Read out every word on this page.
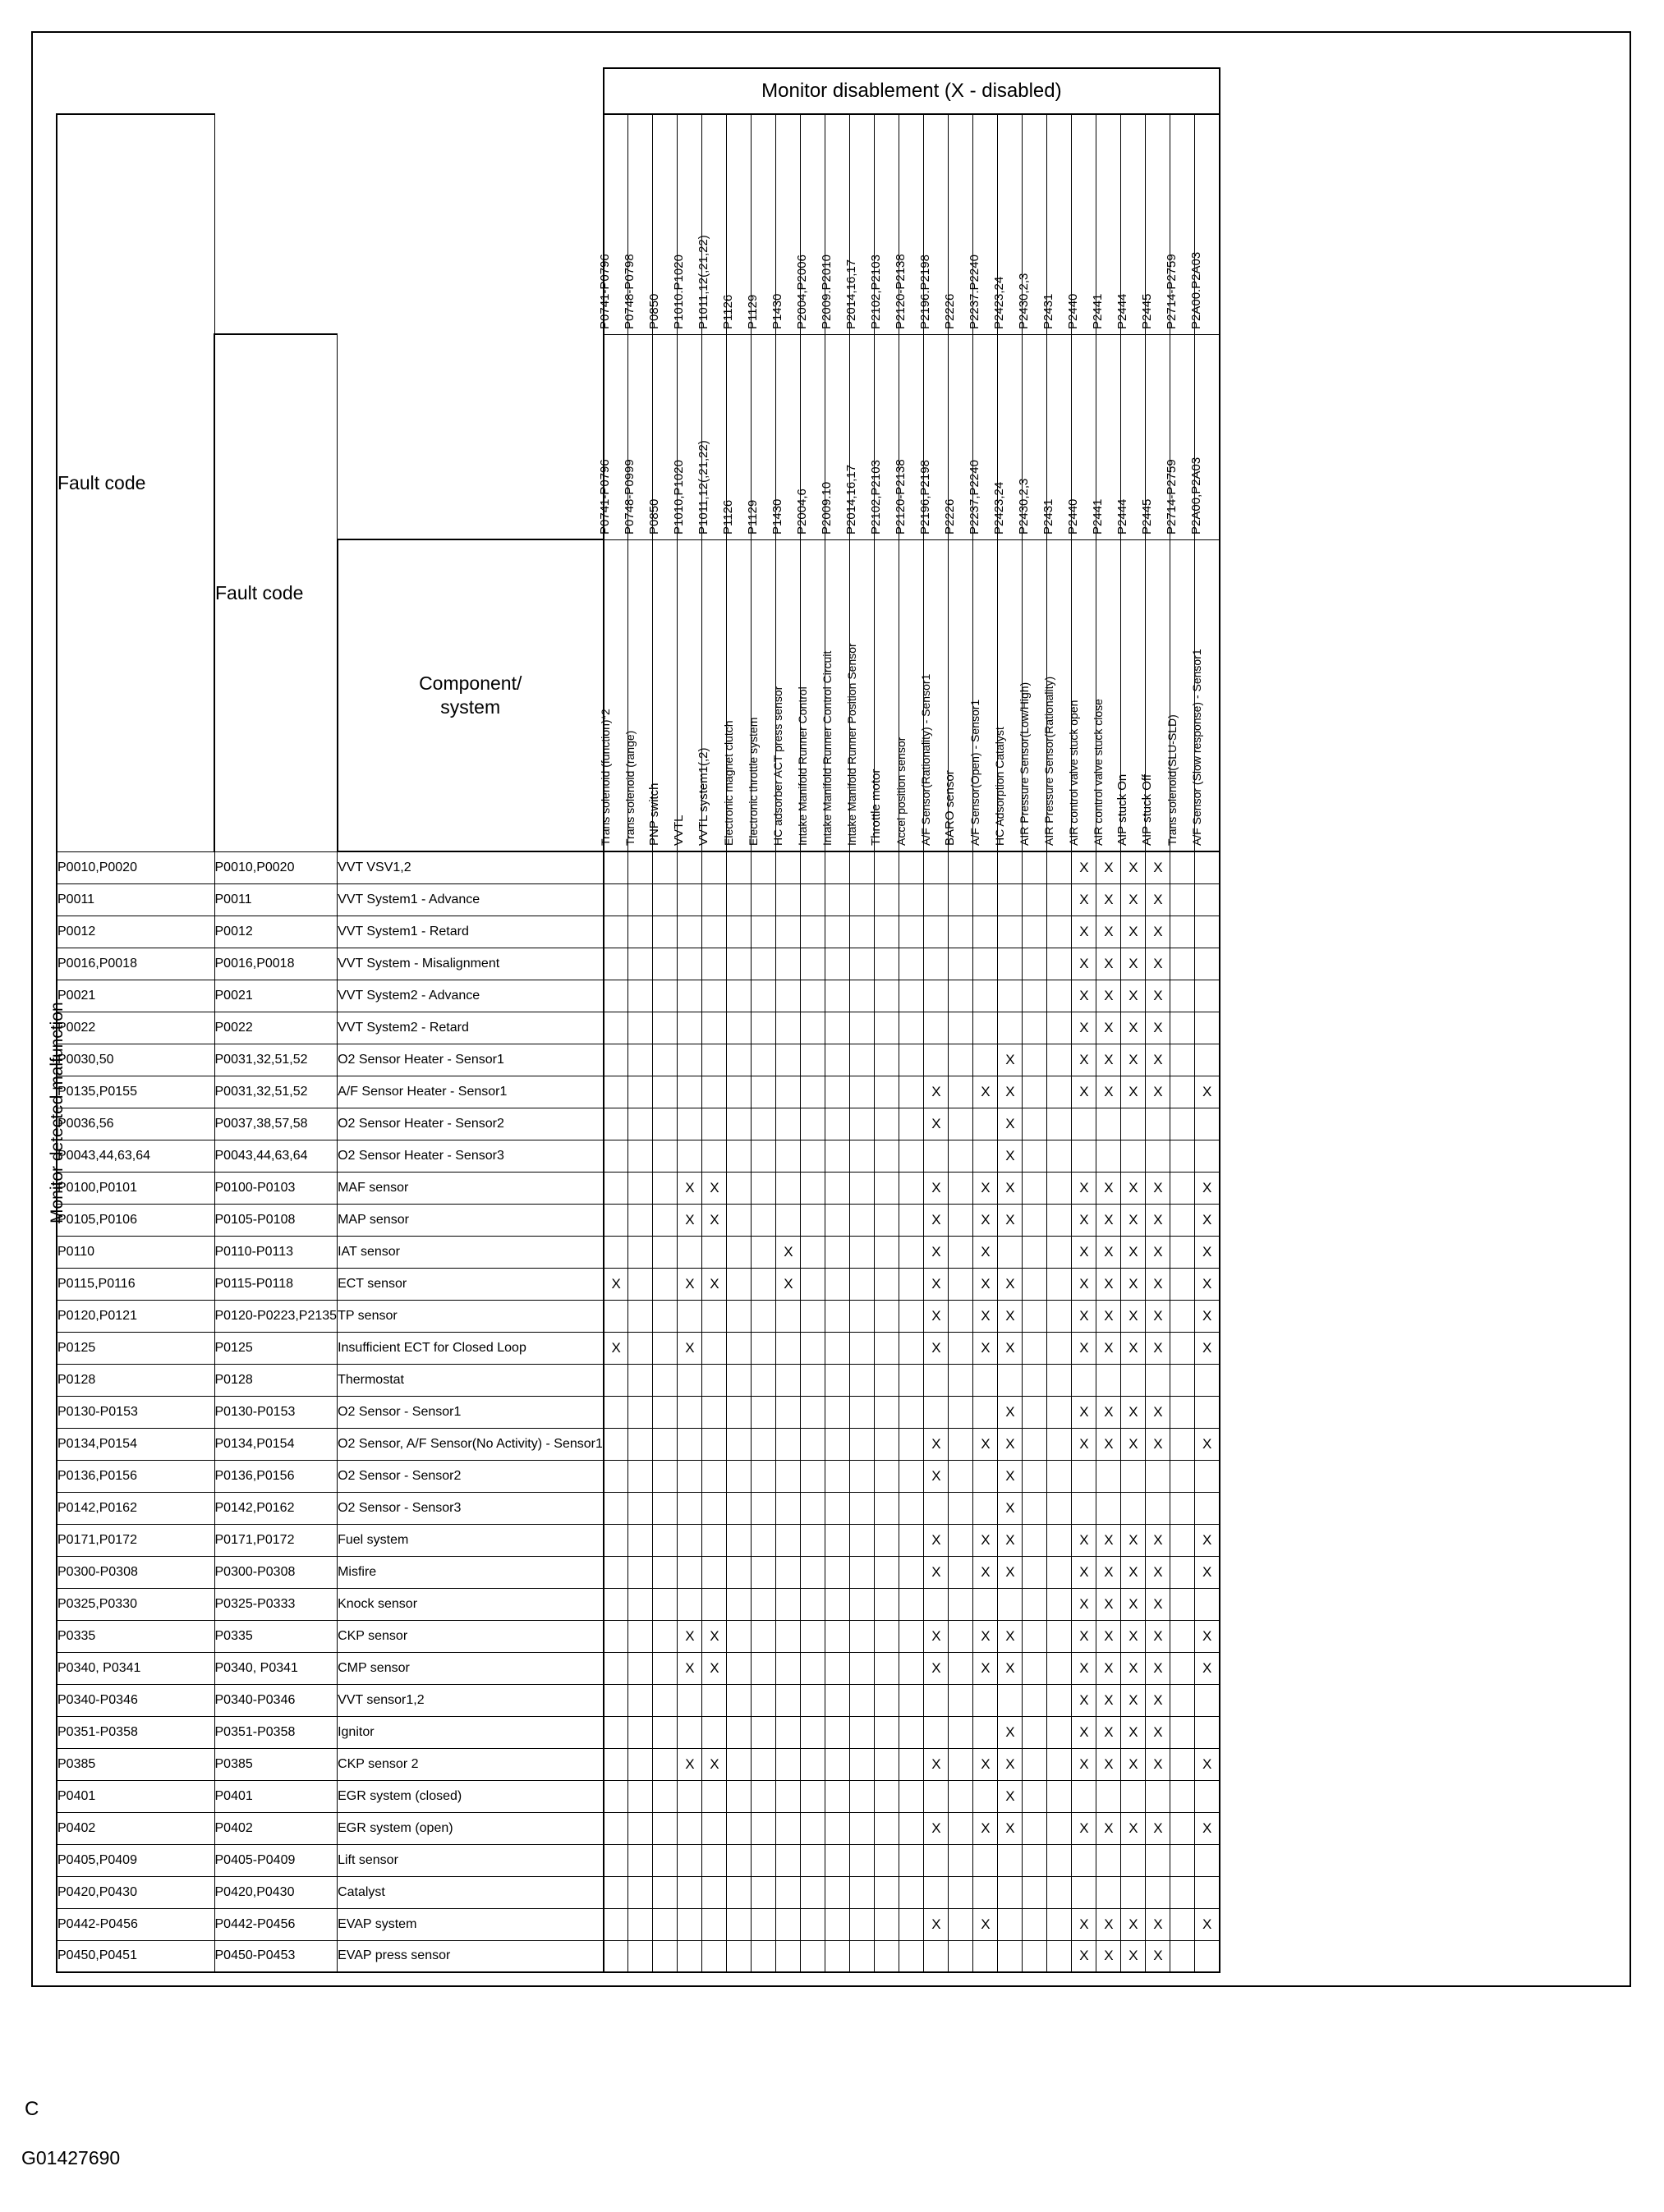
Monitor detected malfunction
			Monitor disablement (X - disabled)																								
Fault code			P0741-P0796	P0748-P0798	P0850	P1010.P1020	P1011,12(,21,22)	P1126	P1129	P1430	P2004,P2006	P2009.P2010	P2014,16,17	P2102,P2103	P2120-P2138	P2196.P2198	P2226	P2237.P2240	P2423,24	P2430,2,3	P2431	P2440	P2441	P2444	P2445	P2714-P2759	P2A00.P2A03

	Fault code		P0741-P0796	P0748-P0999	P0850	P1010,P1020	P1011,12(,21,22)	P1126	P1129	P1430	P2004,6	P2009.10	P2014,16,17	P2102,P2103	P2120-P2138	P2196,P2198	P2226	P2237,P2240	P2423,24	P2430,2,3	P2431	P2440	P2441	P2444	P2445	P2714-P2759	P2A00,P2A03

		Component/
system	Trans solenoid (function)*2	Trans solenoid (range)	PNP switch	VVTL	VVTL system1(,2)	Electronic magnet clutch	Electronic throttle system	HC adsorber ACT press sensor	Intake Manifold Runner Control	Intake Manifold Runner Control Circuit	Intake Manifold Runner Position Sensor	Throttle motor	Accel position sensor	A/F Sensor(Rationality) - Sensor1	BARO sensor	A/F Sensor(Open) - Sensor1	HC Adsorption Catalyst	AIR Pressure Sensor(Low/High)	AIR Pressure Sensor(Rationality)	AIR control valve stuck open	AIR control valve stuck close	AIP stuck On	AIP stuck Off	Trans solenoid(SLU-SLD)	A/F Sensor (Slow response) - Sensor1

P0010,P0020	P0010,P0020	VVT VSV1,2																				X	X	X	X		
P0011	P0011	VVT System1 - Advance																				X	X	X	X		
P0012	P0012	VVT System1 - Retard																				X	X	X	X		
P0016,P0018	P0016,P0018	VVT System - Misalignment																				X	X	X	X		
P0021	P0021	VVT System2 - Advance																				X	X	X	X		
P0022	P0022	VVT System2 - Retard																				X	X	X	X		
P0030,50	P0031,32,51,52	O2 Sensor Heater - Sensor1																	X			X	X	X	X		
P0135,P0155	P0031,32,51,52	A/F Sensor Heater - Sensor1														X		X	X			X	X	X	X		X
P0036,56	P0037,38,57,58	O2 Sensor Heater - Sensor2														X			X								
P0043,44,63,64	P0043,44,63,64	O2 Sensor Heater - Sensor3																	X								
P0100,P0101	P0100-P0103	MAF sensor				X	X									X		X	X			X	X	X	X		X
P0105,P0106	P0105-P0108	MAP sensor				X	X									X		X	X			X	X	X	X		X
P0110	P0110-P0113	IAT sensor								X						X		X				X	X	X	X		X
P0115,P0116	P0115-P0118	ECT sensor	X			X	X			X						X		X	X			X	X	X	X		X
P0120,P0121	P0120-P0223,P2135	TP sensor														X		X	X			X	X	X	X		X
P0125	P0125	Insufficient ECT for Closed Loop	X			X										X		X	X			X	X	X	X		X
P0128	P0128	Thermostat																									
P0130-P0153	P0130-P0153	O2 Sensor - Sensor1																	X			X	X	X	X		
P0134,P0154	P0134,P0154	O2 Sensor, A/F Sensor(No Activity) - Sensor1														X		X	X			X	X	X	X		X
P0136,P0156	P0136,P0156	O2 Sensor - Sensor2														X			X								
P0142,P0162	P0142,P0162	O2 Sensor - Sensor3																	X								
P0171,P0172	P0171,P0172	Fuel system														X		X	X			X	X	X	X		X
P0300-P0308	P0300-P0308	Misfire														X		X	X			X	X	X	X		X
P0325,P0330	P0325-P0333	Knock sensor																				X	X	X	X		
P0335	P0335	CKP sensor				X	X									X		X	X			X	X	X	X		X
P0340, P0341	P0340, P0341	CMP sensor				X	X									X		X	X			X	X	X	X		X
P0340-P0346	P0340-P0346	VVT sensor1,2																				X	X	X	X		
P0351-P0358	P0351-P0358	Ignitor																	X			X	X	X	X		
P0385	P0385	CKP sensor 2				X	X									X		X	X			X	X	X	X		X
P0401	P0401	EGR system (closed)																	X								
P0402	P0402	EGR system (open)														X		X	X			X	X	X	X		X
P0405,P0409	P0405-P0409	Lift sensor																									
P0420,P0430	P0420,P0430	Catalyst																									
P0442-P0456	P0442-P0456	EVAP system														X		X				X	X	X	X		X
P0450,P0451	P0450-P0453	EVAP press sensor																				X	X	X	X		
C
G01427690
